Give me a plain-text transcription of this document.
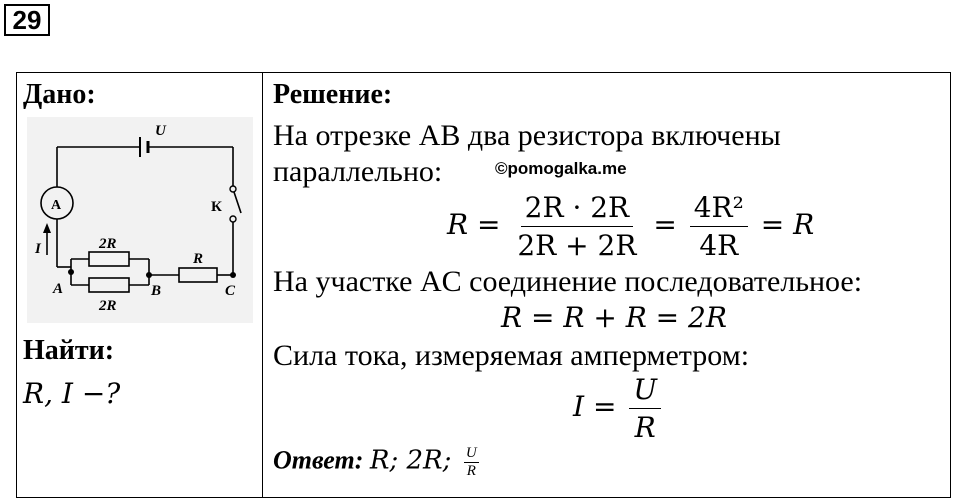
29
Дано:
U
A
I
К
2R
2R
R
A	B	C
Найти:
R, I −?
Решение:
На отрезке AB два резистора включены
параллельно:	©pomogalka.me
$R = \frac{2R \cdot 2R}{2R + 2R} = \frac{\text{4R²}}{4R} = R$
На участке AC соединение последовательное:
R = R + R = 2R
Сила тока, измеряемая амперметром:
$I = \frac{U}{R}$
Ответ: R; 2R; $\frac{U}{R}$
